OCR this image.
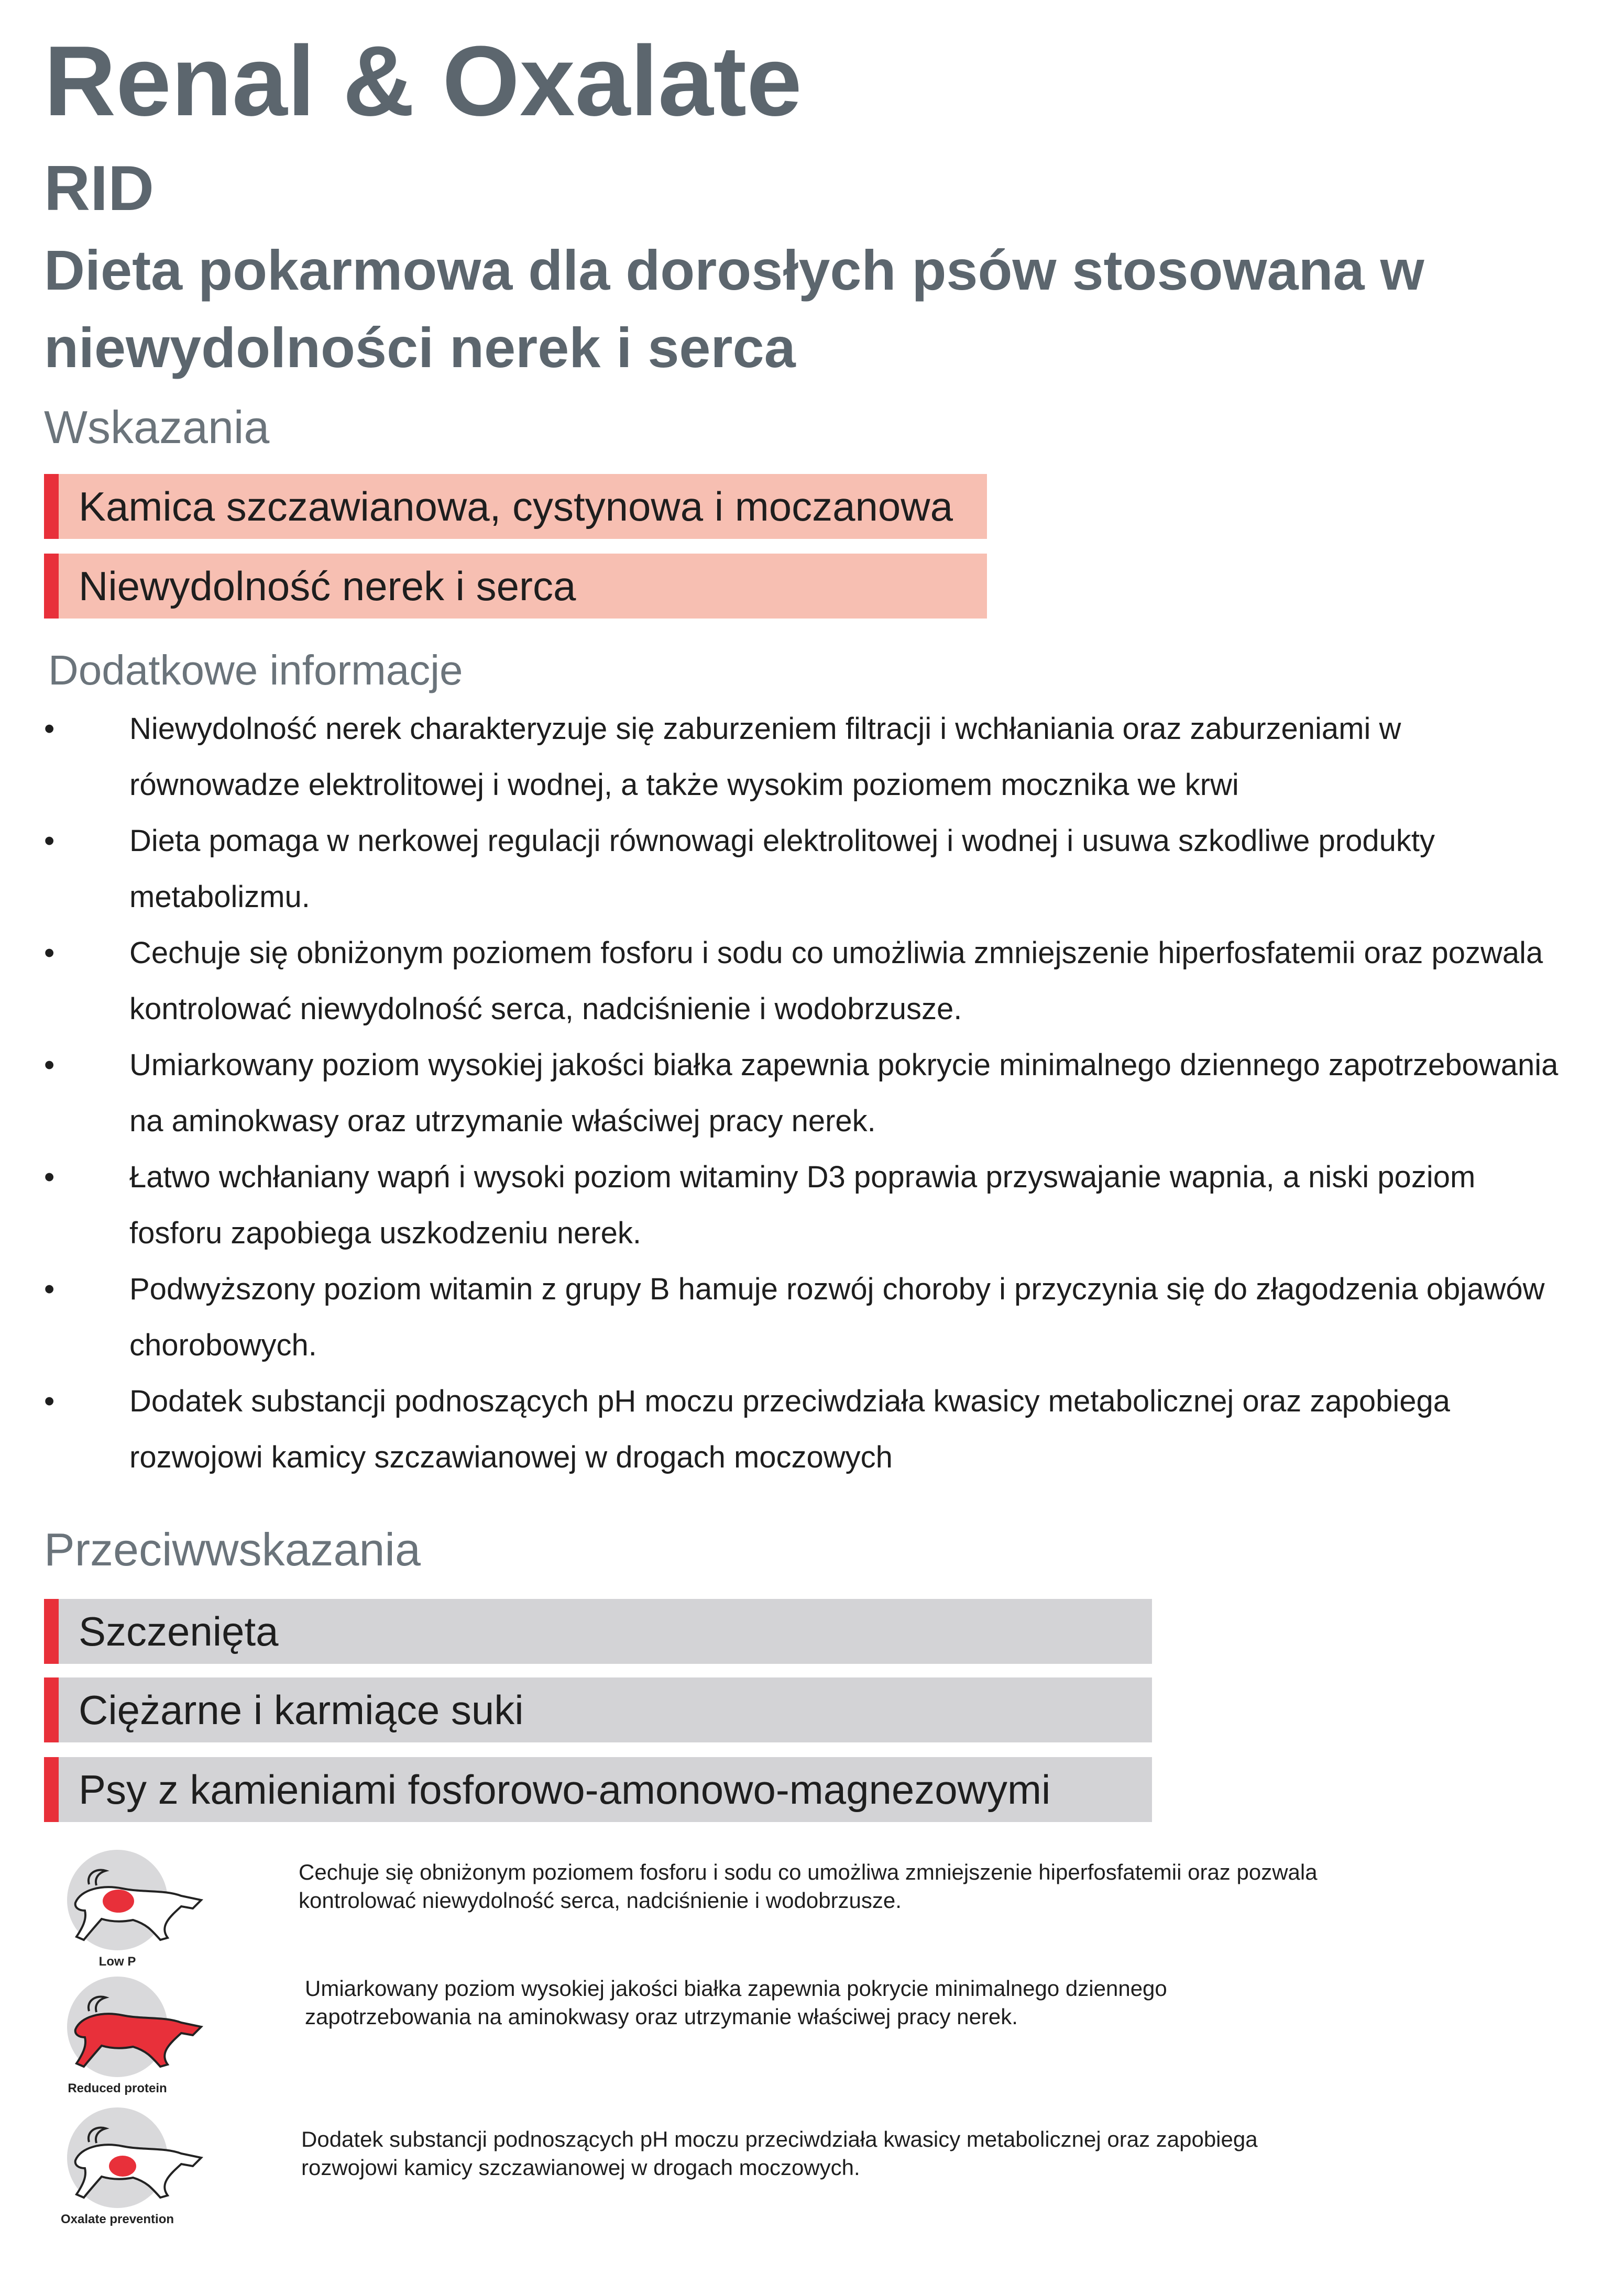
Renal & Oxalate
RID
Dieta pokarmowa dla dorosłych psów stosowana w niewydolności nerek i serca
Wskazania
Kamica szczawianowa, cystynowa i moczanowa
Niewydolność nerek i serca
Dodatkowe informacje
• Niewydolność nerek charakteryzuje się zaburzeniem filtracji i wchłaniania oraz zaburzeniami w równowadze elektrolitowej i wodnej, a także wysokim poziomem mocznika we krwi
• Dieta pomaga w nerkowej regulacji równowagi elektrolitowej i wodnej i usuwa szkodliwe produkty metabolizmu.
• Cechuje się obniżonym poziomem fosforu i sodu co umożliwia zmniejszenie hiperfosfatemii oraz pozwala kontrolować niewydolność serca, nadciśnienie i wodobrzusze.
• Umiarkowany poziom wysokiej jakości białka zapewnia pokrycie minimalnego dziennego zapotrzebowania na aminokwasy oraz utrzymanie właściwej pracy nerek.
• Łatwo wchłaniany wapń i wysoki poziom witaminy D3 poprawia przyswajanie wapnia, a niski poziom fosforu zapobiega uszkodzeniu nerek.
• Podwyższony poziom witamin z grupy B hamuje rozwój choroby i przyczynia się do złagodzenia objawów chorobowych.
• Dodatek substancji podnoszących pH moczu przeciwdziała kwasicy metabolicznej oraz zapobiega rozwojowi kamicy szczawianowej w drogach moczowych
Przeciwwskazania
Szczenięta
Ciężarne i karmiące suki
Psy z kamieniami fosforowo-amonowo-magnezowymi
Low P
Cechuje się obniżonym poziomem fosforu i sodu co umożliwa zmniejszenie hiperfosfatemii oraz pozwala kontrolować niewydolność serca, nadciśnienie i wodobrzusze.
Reduced protein
Umiarkowany poziom wysokiej jakości białka zapewnia pokrycie minimalnego dziennego zapotrzebowania na aminokwasy oraz utrzymanie właściwej pracy nerek.
Oxalate prevention
Dodatek substancji podnoszących pH moczu przeciwdziała kwasicy metabolicznej oraz zapobiega rozwojowi kamicy szczawianowej w drogach moczowych.
